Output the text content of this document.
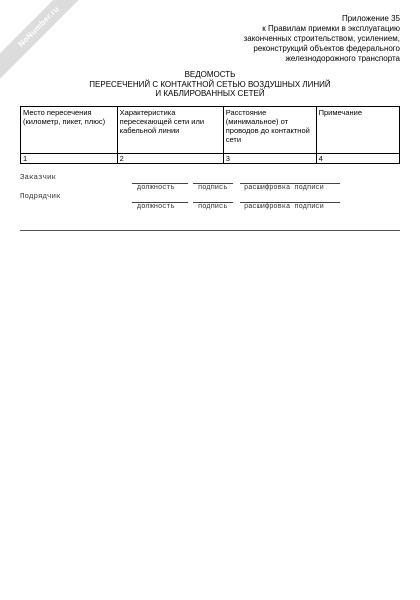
NoNumber.ru	Приложение 35
к Правилам приемки в эксплуатацию
законченных строительством, усилением,
реконструкций объектов федерального
железнодорожного транспорта
ВЕДОМОСТЬ
ПЕРЕСЕЧЕНИЙ С КОНТАКТНОЙ СЕТЬЮ ВОЗДУШНЫХ ЛИНИЙ
И КАБЛИРОВАННЫХ СЕТЕЙ
Место пересечения (километр, пикет, плюс)	Характеристика пересекающей сети или кабельной линии	Расстояние (минимальное) от проводов до контактной сети	Примечание
1	2	3	4
Заказчик
должность	подпись расшифровка подписи
Подрядчик
должность	подпись расшифровка подписи
